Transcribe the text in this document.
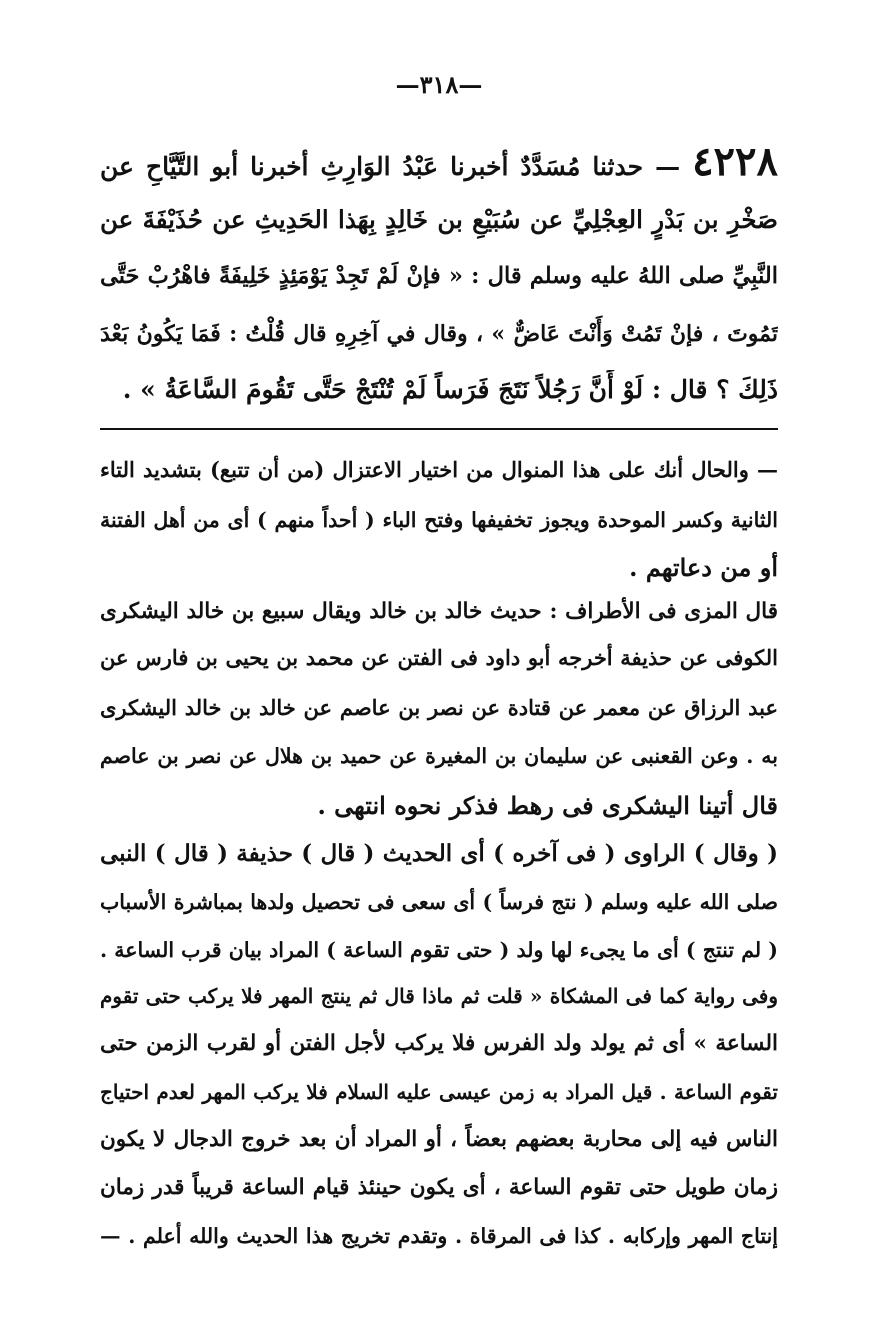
—٣١٨—
٤٢٢٨— حدثنا مُسَدَّدٌ أخبرنا عَبْدُ الوَارِثِ أخبرنا أبو التَّيَّاحِ عن
صَخْرِ بن بَدْرٍ العِجْلِيِّ عن سُبَيْعِ بن خَالِدٍ بِهَذا الحَدِيثِ عن حُذَيْفَةَ عن
النَّبِيِّ صلى اللهُ عليه وسلم قال : « فإنْ لَمْ تَجِدْ يَوْمَئِذٍ خَلِيفَةً فاهْرُبْ حَتَّى
تَمُوتَ ، فإنْ تَمُتْ وَأَنْتَ عَاضٌّ » ، وقال في آخِرِهِ قال قُلْتُ : فَمَا يَكُونُ بَعْدَ
ذَلِكَ ؟ قال : لَوْ أَنَّ رَجُلاً نَتَجَ فَرَساً لَمْ تُنْتَجْ حَتَّى تَقُومَ السَّاعَةُ » .
— والحال أنك على هذا المنوال من اختيار الاعتزال (من أن تتبع) بتشديد التاء
الثانية وكسر الموحدة ويجوز تخفيفها وفتح الباء ( أحداً منهم ) أى من أهل الفتنة
أو من دعاتهم .
قال المزى فى الأطراف : حديث خالد بن خالد ويقال سبيع بن خالد اليشكرى
الكوفى عن حذيفة أخرجه أبو داود فى الفتن عن محمد بن يحيى بن فارس عن
عبد الرزاق عن معمر عن قتادة عن نصر بن عاصم عن خالد بن خالد اليشكرى
به . وعن القعنبى عن سليمان بن المغيرة عن حميد بن هلال عن نصر بن عاصم
قال أتينا اليشكرى فى رهط فذكر نحوه انتهى .
( وقال ) الراوى ( فى آخره ) أى الحديث ( قال ) حذيفة ( قال ) النبى
صلى الله عليه وسلم ( نتج فرساً ) أى سعى فى تحصيل ولدها بمباشرة الأسباب
( لم تنتج ) أى ما يجىء لها ولد ( حتى تقوم الساعة ) المراد بيان قرب الساعة .
وفى رواية كما فى المشكاة « قلت ثم ماذا قال ثم ينتج المهر فلا يركب حتى تقوم
الساعة » أى ثم يولد ولد الفرس فلا يركب لأجل الفتن أو لقرب الزمن حتى
تقوم الساعة . قيل المراد به زمن عيسى عليه السلام فلا يركب المهر لعدم احتياج
الناس فيه إلى محاربة بعضهم بعضاً ، أو المراد أن بعد خروج الدجال لا يكون
زمان طويل حتى تقوم الساعة ، أى يكون حينئذ قيام الساعة قريباً قدر زمان
إنتاج المهر وإركابه . كذا فى المرقاة . وتقدم تخريج هذا الحديث والله أعلم . —
